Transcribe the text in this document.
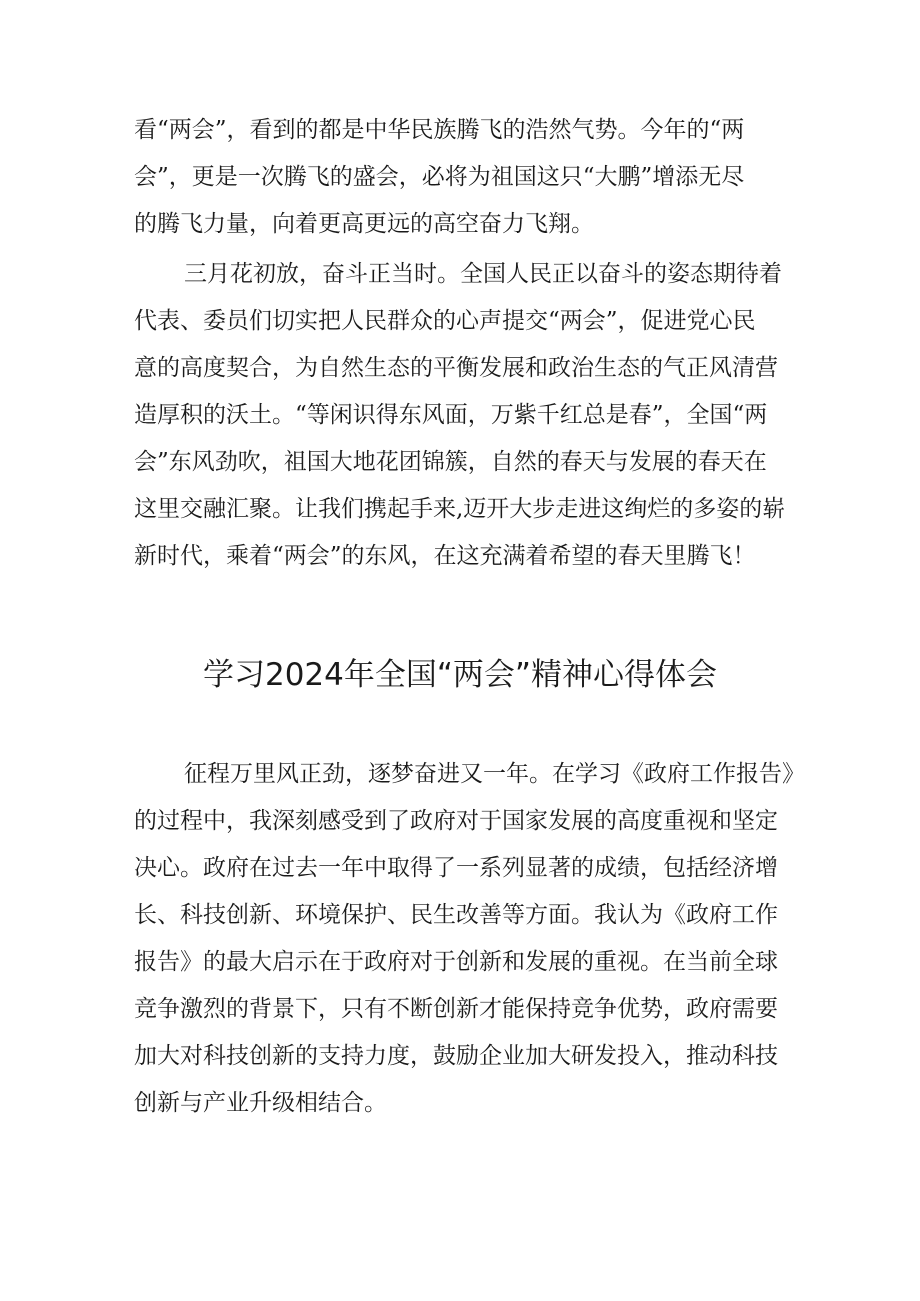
看“两会”，看到的都是中华民族腾飞的浩然气势。今年的“两
会”，更是一次腾飞的盛会，必将为祖国这只“大鹏”增添无尽
的腾飞力量，向着更高更远的高空奋力飞翔。
三月花初放，奋斗正当时。全国人民正以奋斗的姿态期待着
代表、委员们切实把人民群众的心声提交“两会”，促进党心民
意的高度契合，为自然生态的平衡发展和政治生态的气正风清营
造厚积的沃土。“等闲识得东风面，万紫千红总是春”，全国“两
会”东风劲吹，祖国大地花团锦簇，自然的春天与发展的春天在
这里交融汇聚。让我们携起手来,迈开大步走进这绚烂的多姿的崭
新时代，乘着“两会”的东风，在这充满着希望的春天里腾飞！
学习2024年全国“两会”精神心得体会
征程万里风正劲，逐梦奋进又一年。在学习《政府工作报告》
的过程中，我深刻感受到了政府对于国家发展的高度重视和坚定
决心。政府在过去一年中取得了一系列显著的成绩，包括经济增
长、科技创新、环境保护、民生改善等方面。我认为《政府工作
报告》的最大启示在于政府对于创新和发展的重视。在当前全球
竞争激烈的背景下，只有不断创新才能保持竞争优势，政府需要
加大对科技创新的支持力度，鼓励企业加大研发投入，推动科技
创新与产业升级相结合。
